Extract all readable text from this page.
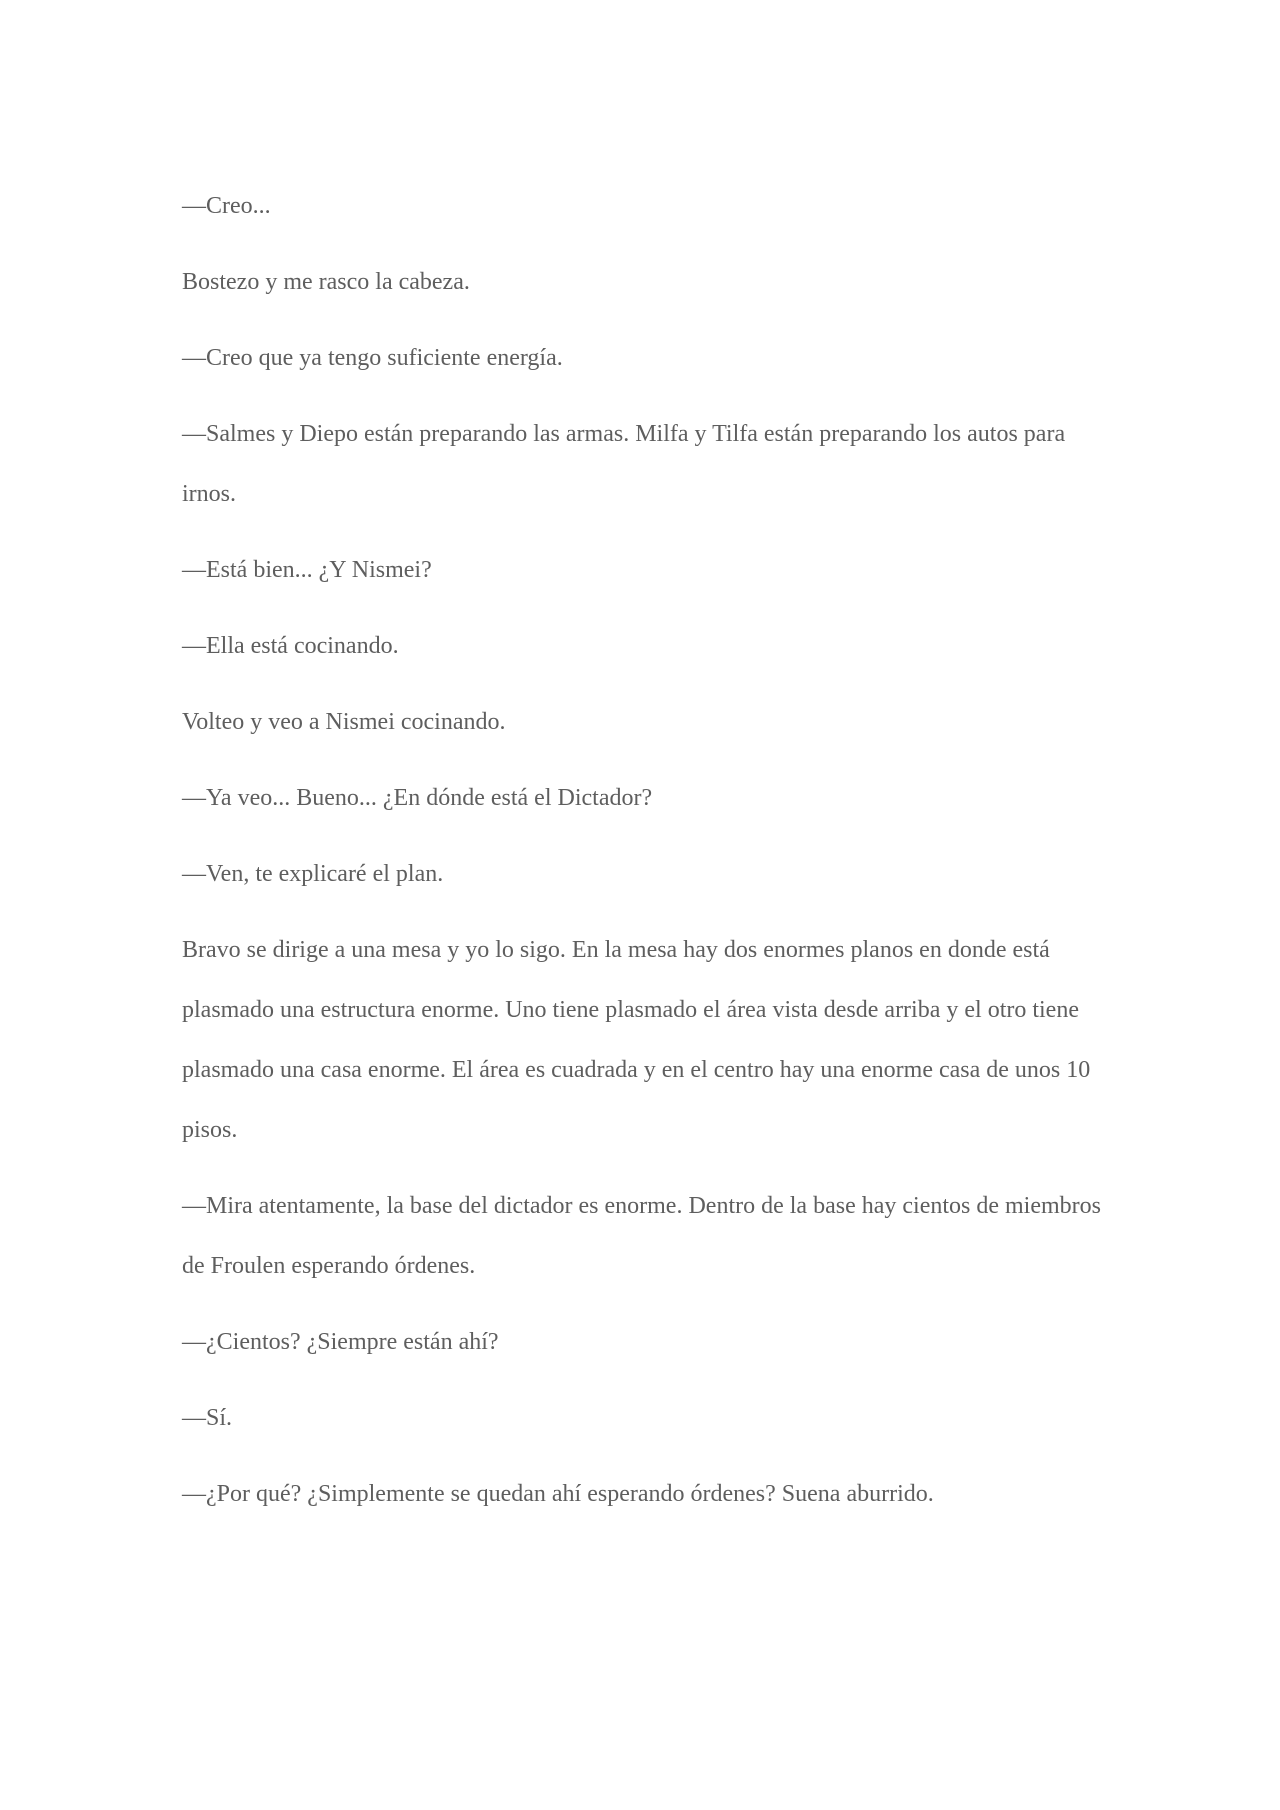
—Creo...

Bostezo y me rasco la cabeza.

—Creo que ya tengo suficiente energía.

—Salmes y Diepo están preparando las armas. Milfa y Tilfa están preparando los autos para irnos.

—Está bien... ¿Y Nismei?

—Ella está cocinando.

Volteo y veo a Nismei cocinando.

—Ya veo... Bueno... ¿En dónde está el Dictador?

—Ven, te explicaré el plan.

Bravo se dirige a una mesa y yo lo sigo. En la mesa hay dos enormes planos en donde está plasmado una estructura enorme. Uno tiene plasmado el área vista desde arriba y el otro tiene plasmado una casa enorme. El área es cuadrada y en el centro hay una enorme casa de unos 10 pisos.

—Mira atentamente, la base del dictador es enorme. Dentro de la base hay cientos de miembros de Froulen esperando órdenes.

—¿Cientos? ¿Siempre están ahí?

—Sí.

—¿Por qué? ¿Simplemente se quedan ahí esperando órdenes? Suena aburrido.
